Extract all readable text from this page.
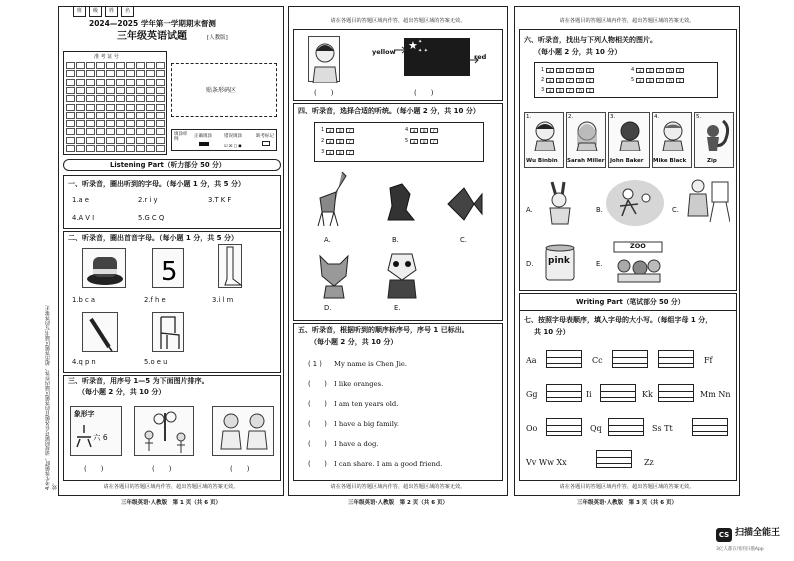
班	级	姓	名
2024—2025 学年第一学期期末督测
三年级英语试题	[人教版]
准 考 证 号
贴条形码区
填涂样例
正确填涂	错误填涂
☑ ☒ ◻ ◼
缺考标记
Listening Part（听力部分 50 分）
一、听录音，圈出听到的字母。（每小题 1 分，共 5 分）
1.a e	2.r i y	3.T K F
4.A V I	5.G C Q
二、听录音，圈出首音字母。（每小题 1 分，共 5 分）
5
1.b c a	2.f h e	3.i l m
4.q p n	5.o e u
三、听录音，用序号 1—5 为下面图片排序。
（每小题 2 分，共 10 分）
象形字
六 6
(　　)	(　　)	(　　)
请在各题目的答题区域内作答，超出答题区域的答案无效。
三年级英语·人教版　第 1 页（共 6 页）
4.考生答题时，请按照题号在各题目的答题区域内作答，超出答题区域书写的答案无效。
请在各题目的答题区域内作答，超出答题区域的答案无效。
yellow ★ ✦
✦ ✦
red
(　　)	(　　)
四、听录音，选择合适的听统。（每小题 2 分，共 10 分）
1	A	B	C
2	A	B	C
3	A	B	C
4	A	B	C
5	A	B	C
A.	B.	C.
D.	E.
五、听录音，根据听到的顺序标序号，序号 1 已标出。
（每小题 2 分，共 10 分）
( 1 ) My name is Chen Jie.
(　　) I like oranges.
(　　) I am ten years old.
(　　) I have a big family.
(　　) I have a dog.
(　　) I can share. I am a good friend.
请在各题目的答题区域内作答，超出答题区域的答案无效。
三年级英语·人教版　第 2 页（共 6 页）
请在各题目的答题区域内作答，超出答题区域的答案无效。
六、听录音，找出与下列人物相关的图片。
（每小题 2 分，共 10 分）
1	A	B	C	D	E
2	A	B	C	D	E
3	A	B	C	D	E
4	A	B	C	D	E
5	A	B	C	D	E
1.
Wu Binbin
2.
Sarah Miller
3.
John Baker
4.
Mike Black
5.
Zip
A.	B.	C.
D. pink	E.
ZOO
Writing Part（笔试部分 50 分）
七、按照字母表顺序，填入字母的大小写。（每组字母 1 分，
共 10 分）
Aa	Cc	Ff
Gg	Ii	Kk	Mm Nn
Oo	Qq	Ss Tt
Vv Ww Xx	Zz
请在各题目的答题区域内作答，超出答题区域的答案无效。
三年级英语·人教版　第 3 页（共 6 页）
CS 扫描全能王
3亿人都在用的扫描App
